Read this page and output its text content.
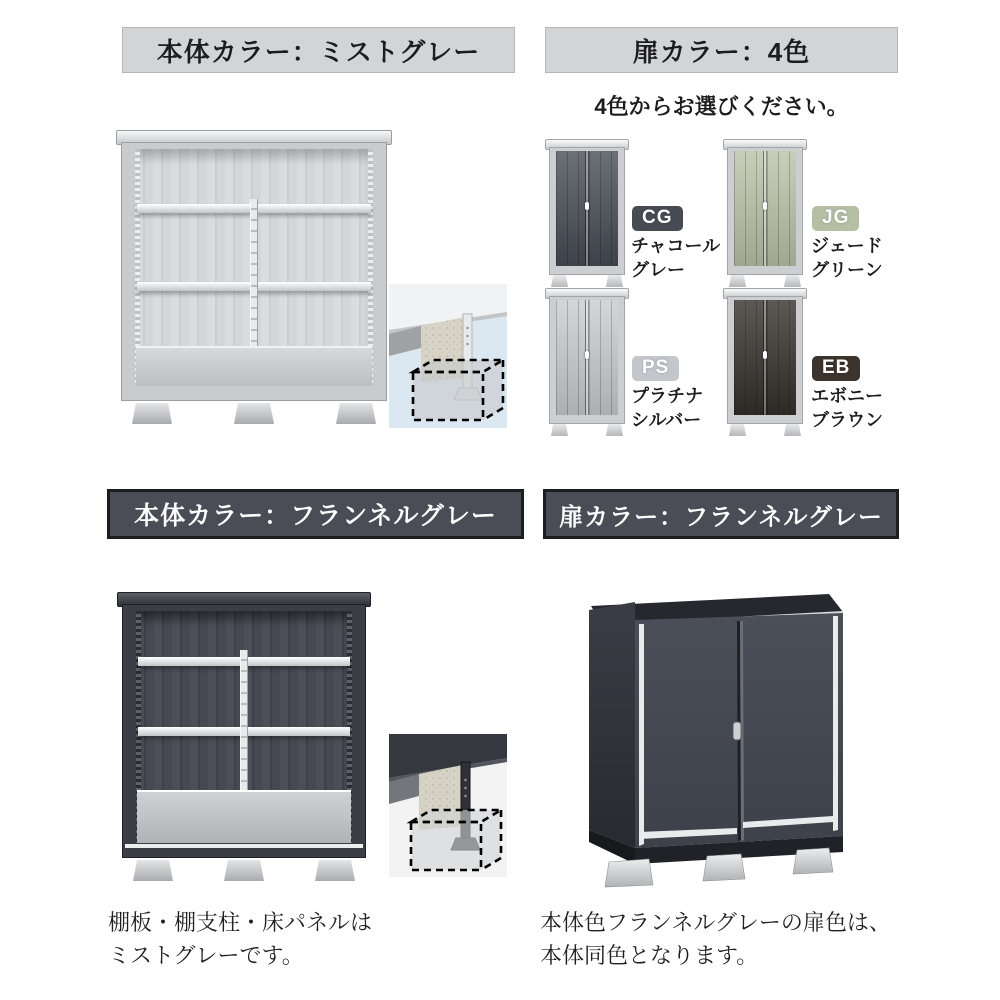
本体カラー：ミストグレー	扉カラー：4色
4色からお選びください。
CG
チャコール
グレー
JG
ジェード
グリーン
PS
プラチナ
シルバー
EB
エボニー
ブラウン
本体カラー：フランネルグレー	扉カラー：フランネルグレー
棚板・棚支柱・床パネルは
ミストグレーです。
本体色フランネルグレーの扉色は、
本体同色となります。
